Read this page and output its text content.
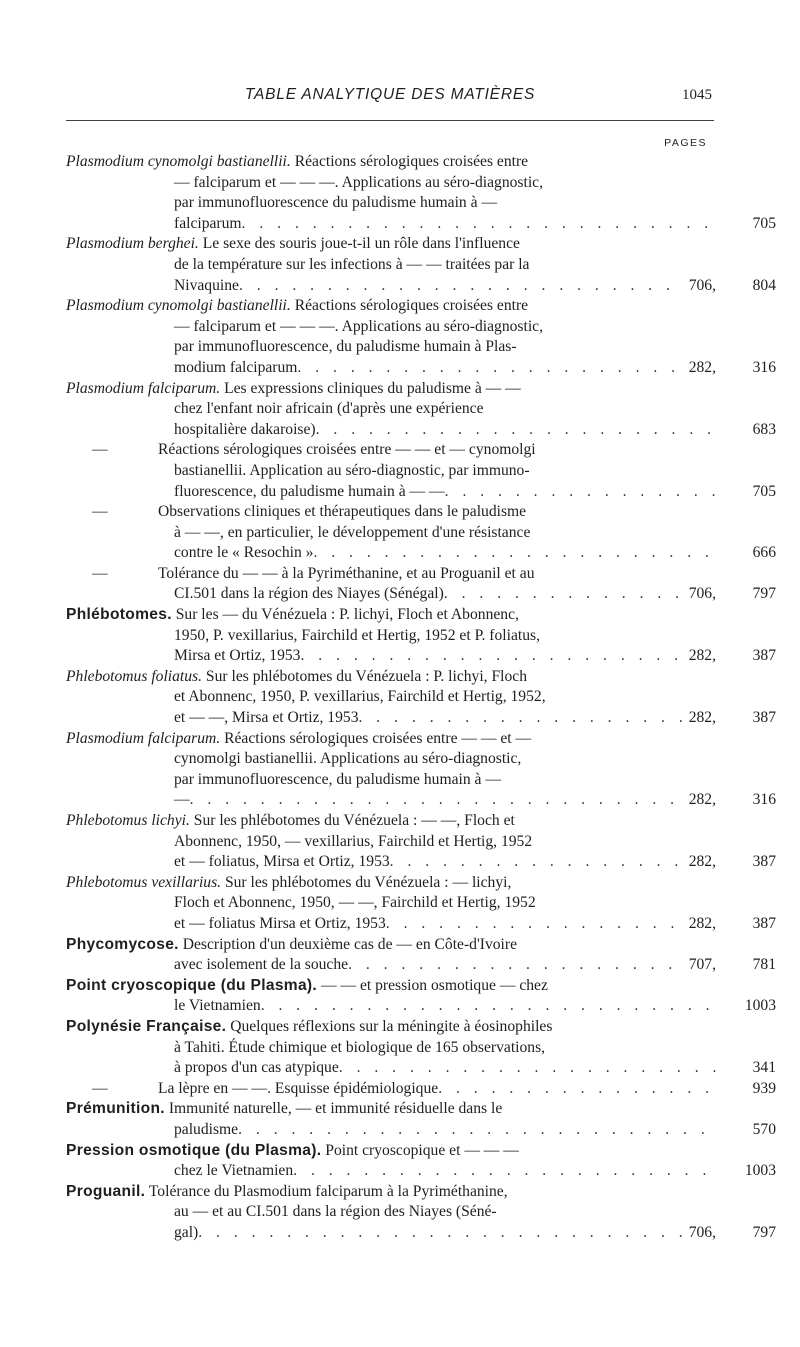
TABLE ANALYTIQUE DES MATIÈRES	1045
PAGES
Plasmodium cynomolgi bastianellii. Réactions sérologiques croisées entre
— falciparum et — — —. Applications au séro-diagnostic,
par immunofluorescence du paludisme humain à —
falciparum . . .	705
Plasmodium berghei. Le sexe des souris joue-t-il un rôle dans l'influence
de la température sur les infections à — — traitées par la
Nivaquine . . .	706,	804
Plasmodium cynomolgi bastianellii. Réactions sérologiques croisées entre
— falciparum et — — —. Applications au séro-diagnostic,
par immunofluorescence, du paludisme humain à Plas-
modium falciparum . . .	282,	316
Plasmodium falciparum. Les expressions cliniques du paludisme à — —
chez l'enfant noir africain (d'après une expérience
hospitalière dakaroise) . . .	683
—	Réactions sérologiques croisées entre — — et — cynomolgi
bastianellii. Application au séro-diagnostic, par immuno-
fluorescence, du paludisme humain à — — . . .	705
—	Observations cliniques et thérapeutiques dans le paludisme
à — —, en particulier, le développement d'une résistance
contre le « Resochin » . . .	666
—	Tolérance du — — à la Pyriméthanine, et au Proguanil et au
CI.501 dans la région des Niayes (Sénégal) . . .	706,	797
Phlébotomes. Sur les — du Vénézuela : P. lichyi, Floch et Abonnenc,
1950, P. vexillarius, Fairchild et Hertig, 1952 et P. foliatus,
Mirsa et Ortiz, 1953 . . .	282,	387
Phlebotomus foliatus. Sur les phlébotomes du Vénézuela : P. lichyi, Floch
et Abonnenc, 1950, P. vexillarius, Fairchild et Hertig, 1952,
et — —, Mirsa et Ortiz, 1953 . . .	282,	387
Plasmodium falciparum. Réactions sérologiques croisées entre — — et —
cynomolgi bastianellii. Applications au séro-diagnostic,
par immunofluorescence, du paludisme humain à —
— . . .	282,	316
Phlebotomus lichyi. Sur les phlébotomes du Vénézuela : — —, Floch et
Abonnenc, 1950, — vexillarius, Fairchild et Hertig, 1952
et — foliatus, Mirsa et Ortiz, 1953 . . .	282,	387
Phlebotomus vexillarius. Sur les phlébotomes du Vénézuela : — lichyi,
Floch et Abonnenc, 1950, — —, Fairchild et Hertig, 1952
et — foliatus Mirsa et Ortiz, 1953 . . .	282,	387
Phycomycose. Description d'un deuxième cas de — en Côte-d'Ivoire
avec isolement de la souche . . .	707,	781
Point cryoscopique (du Plasma). — — et pression osmotique — chez
le Vietnamien . . .	1003
Polynésie Française. Quelques réflexions sur la méningite à éosinophiles
à Tahiti. Étude chimique et biologique de 165 observations,
à propos d'un cas atypique . . .	341
—	La lèpre en — —. Esquisse épidémiologique . . .	939
Prémunition. Immunité naturelle, — et immunité résiduelle dans le
paludisme . . .	570
Pression osmotique (du Plasma). Point cryoscopique et — — —
chez le Vietnamien . . .	1003
Proguanil. Tolérance du Plasmodium falciparum à la Pyriméthanine,
au — et au CI.501 dans la région des Niayes (Séné-
gal) . . .	706,	797
